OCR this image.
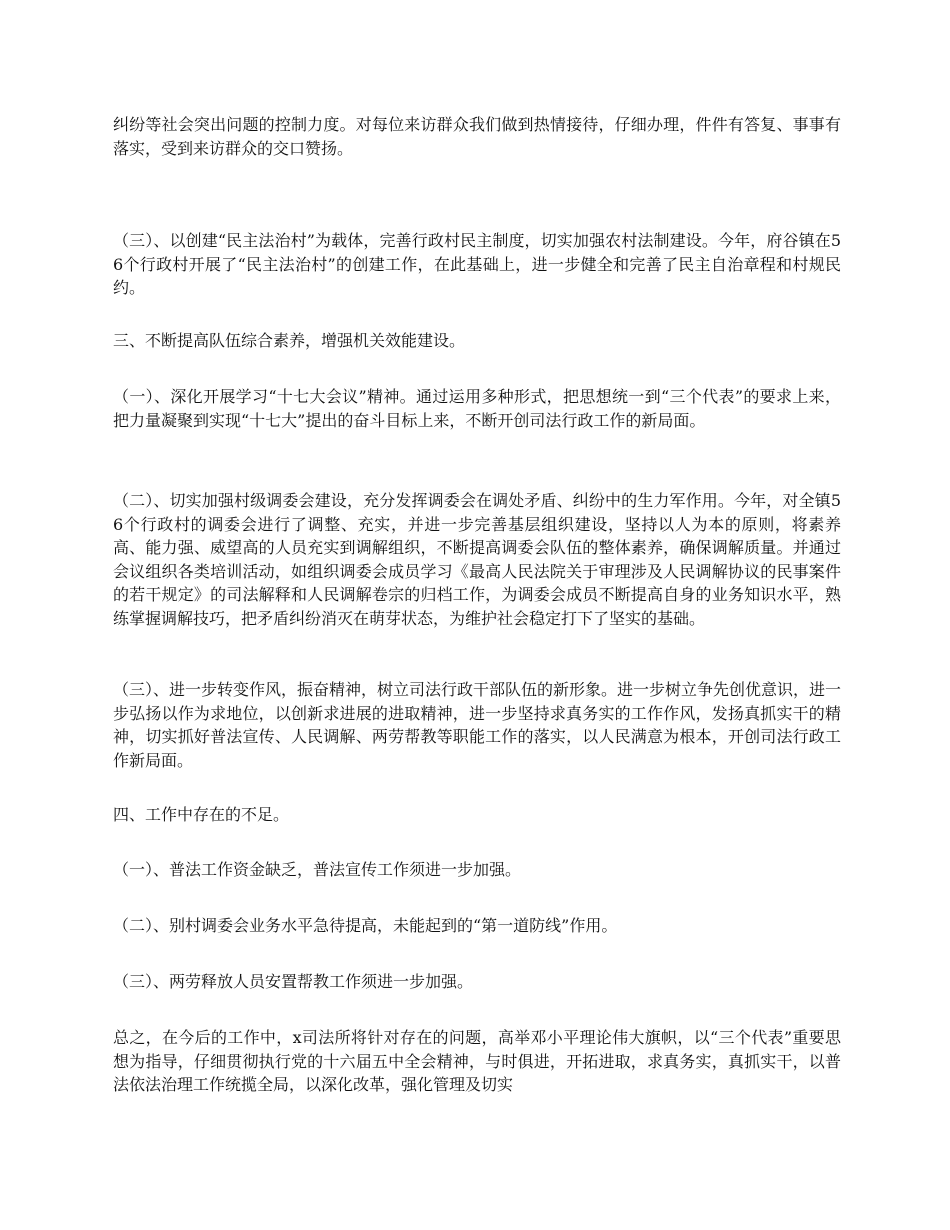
纠纷等社会突出问题的控制力度。对每位来访群众我们做到热情接待，仔细办理，件件有答复、事事有落实，受到来访群众的交口赞扬。

（三）、以创建“民主法治村”为载体，完善行政村民主制度，切实加强农村法制建设。今年，府谷镇在56个行政村开展了“民主法治村”的创建工作，在此基础上，进一步健全和完善了民主自治章程和村规民约。

三、不断提高队伍综合素养，增强机关效能建设。

（一）、深化开展学习“十七大会议”精神。通过运用多种形式，把思想统一到“三个代表”的要求上来，把力量凝聚到实现“十七大”提出的奋斗目标上来，不断开创司法行政工作的新局面。

（二）、切实加强村级调委会建设，充分发挥调委会在调处矛盾、纠纷中的生力军作用。今年，对全镇56个行政村的调委会进行了调整、充实，并进一步完善基层组织建设，坚持以人为本的原则，将素养高、能力强、威望高的人员充实到调解组织，不断提高调委会队伍的整体素养，确保调解质量。并通过会议组织各类培训活动，如组织调委会成员学习《最高人民法院关于审理涉及人民调解协议的民事案件的若干规定》的司法解释和人民调解卷宗的归档工作，为调委会成员不断提高自身的业务知识水平，熟练掌握调解技巧，把矛盾纠纷消灭在萌芽状态，为维护社会稳定打下了坚实的基础。

（三）、进一步转变作风，振奋精神，树立司法行政干部队伍的新形象。进一步树立争先创优意识，进一步弘扬以作为求地位，以创新求进展的进取精神，进一步坚持求真务实的工作作风，发扬真抓实干的精神，切实抓好普法宣传、人民调解、两劳帮教等职能工作的落实，以人民满意为根本，开创司法行政工作新局面。

四、工作中存在的不足。

（一）、普法工作资金缺乏，普法宣传工作须进一步加强。

（二）、别村调委会业务水平急待提高，未能起到的“第一道防线”作用。

（三）、两劳释放人员安置帮教工作须进一步加强。

总之，在今后的工作中，x司法所将针对存在的问题，高举邓小平理论伟大旗帜，以“三个代表”重要思想为指导，仔细贯彻执行党的十六届五中全会精神，与时俱进，开拓进取，求真务实，真抓实干，以普法依法治理工作统揽全局，以深化改革，强化管理及切实
